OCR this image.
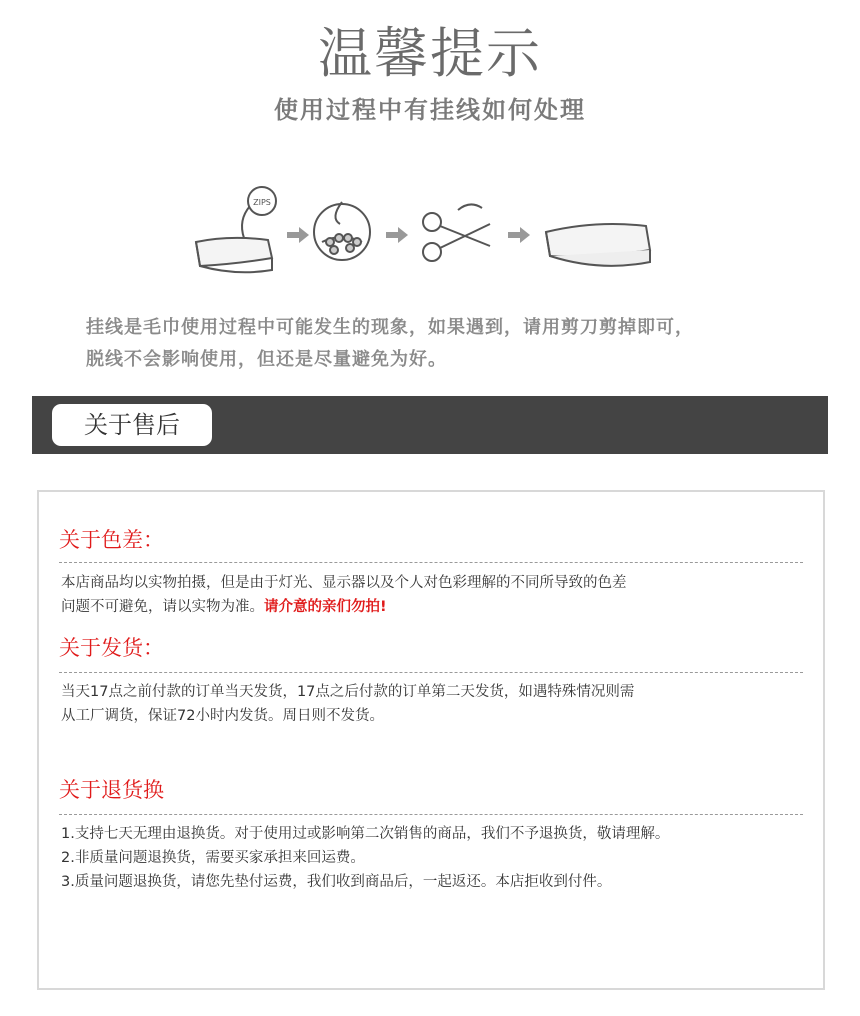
温馨提示
使用过程中有挂线如何处理
ZIPS

挂线是毛巾使用过程中可能发生的现象，如果遇到，请用剪刀剪掉即可，

脱线不会影响使用，但还是尽量避免为好。

关于售后
关于色差：

本店商品均以实物拍摄，但是由于灯光、显示器以及个人对色彩理解的不同所导致的色差

问题不可避免，请以实物为准。请介意的亲们勿拍!

关于发货：

当天17点之前付款的订单当天发货，17点之后付款的订单第二天发货，如遇特殊情况则需

从工厂调货，保证72小时内发货。周日则不发货。

关于退货换

1.支持七天无理由退换货。对于使用过或影响第二次销售的商品，我们不予退换货，敬请理解。

2.非质量问题退换货，需要买家承担来回运费。

3.质量问题退换货，请您先垫付运费，我们收到商品后，一起返还。本店拒收到付件。
